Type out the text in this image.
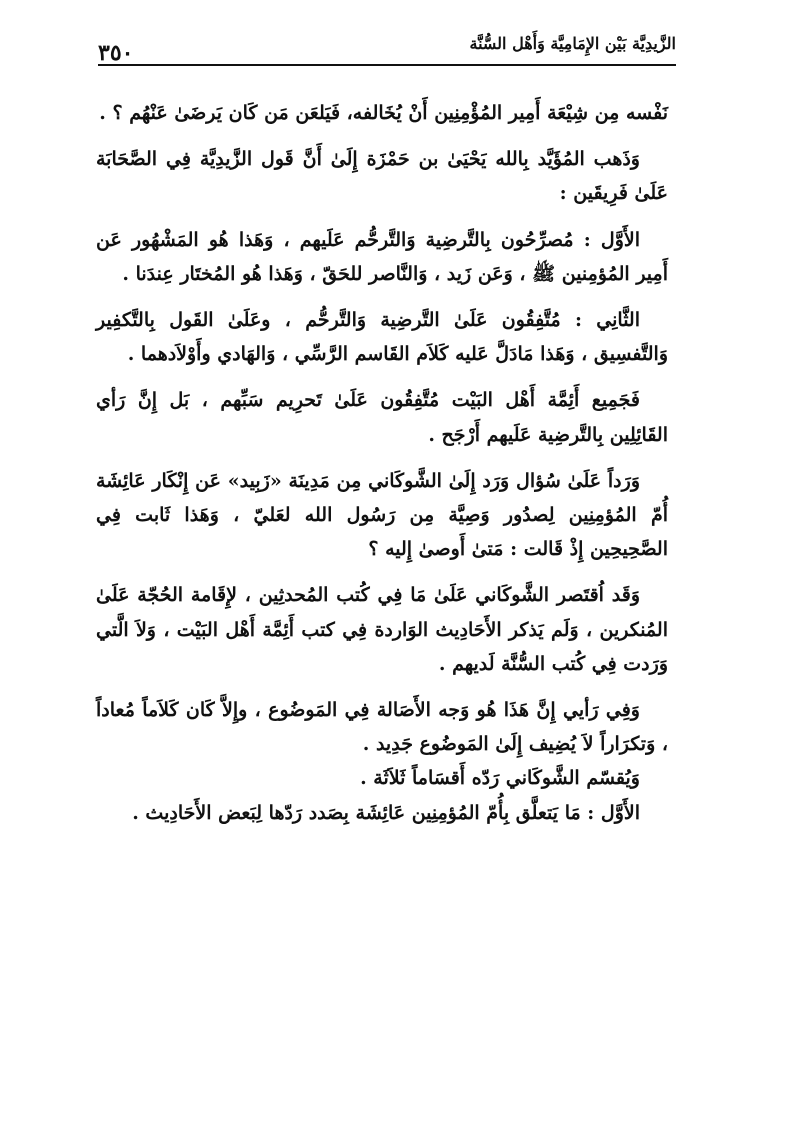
الزَّيدِيَّة بَيْن الإِمَامِيَّة وَأَهْل السُّنَّة
٣٥٠

نَفْسه مِن شِيْعَة أَمِير المُؤْمِنِين أَنْ يُخَالفه، فَيَلعَن مَن كَان يَرضَىٰ عَنْهُم ؟ .

وَذَهب المُؤَيَّد بِالله يَحْيَىٰ بن حَمْزَة إِلَىٰ أَنَّ قَول الزَّيدِيَّة فِي الصَّحَابَة عَلَىٰ فَرِيقَين :

الأَوَّل : مُصرِّحُون بِالتَّرضِية وَالتَّرحُّم عَلَيهم ، وَهَذا هُو المَشْهُور عَن أَمِير المُؤمِنين ﷺ ، وَعَن زَيد ، وَالنَّاصر للحَقّ ، وَهَذا هُو المُختَار عِندَنا .

الثَّانِي : مُتَّفِقُون عَلَىٰ التَّرضِية وَالتَّرحُّم ، وعَلَىٰ القَول بِالتَّكفِير وَالتَّفسِيق ، وَهَذا مَادَلَّ عَليه كَلاَم القَاسم الرَّسِّي ، وَالهَادي وأَوْلاَدهما .

فَجَمِيع أَئِمَّة أَهْل البَيْت مُتَّفِقُون عَلَىٰ تَحرِيم سَبِّهم ، بَل إِنَّ رَأي القَائِلِين بِالتَّرضِية عَلَيهم أَرْجَح .

وَرَداً عَلَىٰ سُؤال وَرَد إِلَىٰ الشَّوكَاني مِن مَدِينَة «زَبِيد» عَن إِنْكَار عَائِشَة أُمّ المُؤمِنِين لِصدُور وَصِيَّة مِن رَسُول الله لعَليّ ، وَهَذا ثَابت فِي الصَّحِيحِين إِذْ قَالت : مَتىٰ أَوصىٰ إِليه ؟

وَقَد اُقتَصر الشَّوكَاني عَلَىٰ مَا فِي كُتب المُحدثِين ، لإِقَامة الحُجّة عَلَىٰ المُنكرين ، وَلَم يَذكر الأَحَادِيث الوَاردة فِي كتب أَئِمَّة أَهْل البَيْت ، وَلاَ الَّتي وَرَدت فِي كُتب السُّنَّة لَديهم .

وَفِي رَأيي إِنَّ هَذَا هُو وَجه الأَصَالة فِي المَوضُوع ، وإِلاَّ كَان كَلاَماً مُعاداً ، وَتكرَاراً لاَ يُضِيف إِلَىٰ المَوضُوع جَدِيد .

وَيُقسّم الشَّوكَاني رَدّه أَقسَاماً ثَلاَثَة .

الأَوَّل : مَا يَتعلَّق بِأُمّ المُؤمِنِين عَائِشَة بِصَدد رَدّها لِبَعض الأَحَادِيث .
